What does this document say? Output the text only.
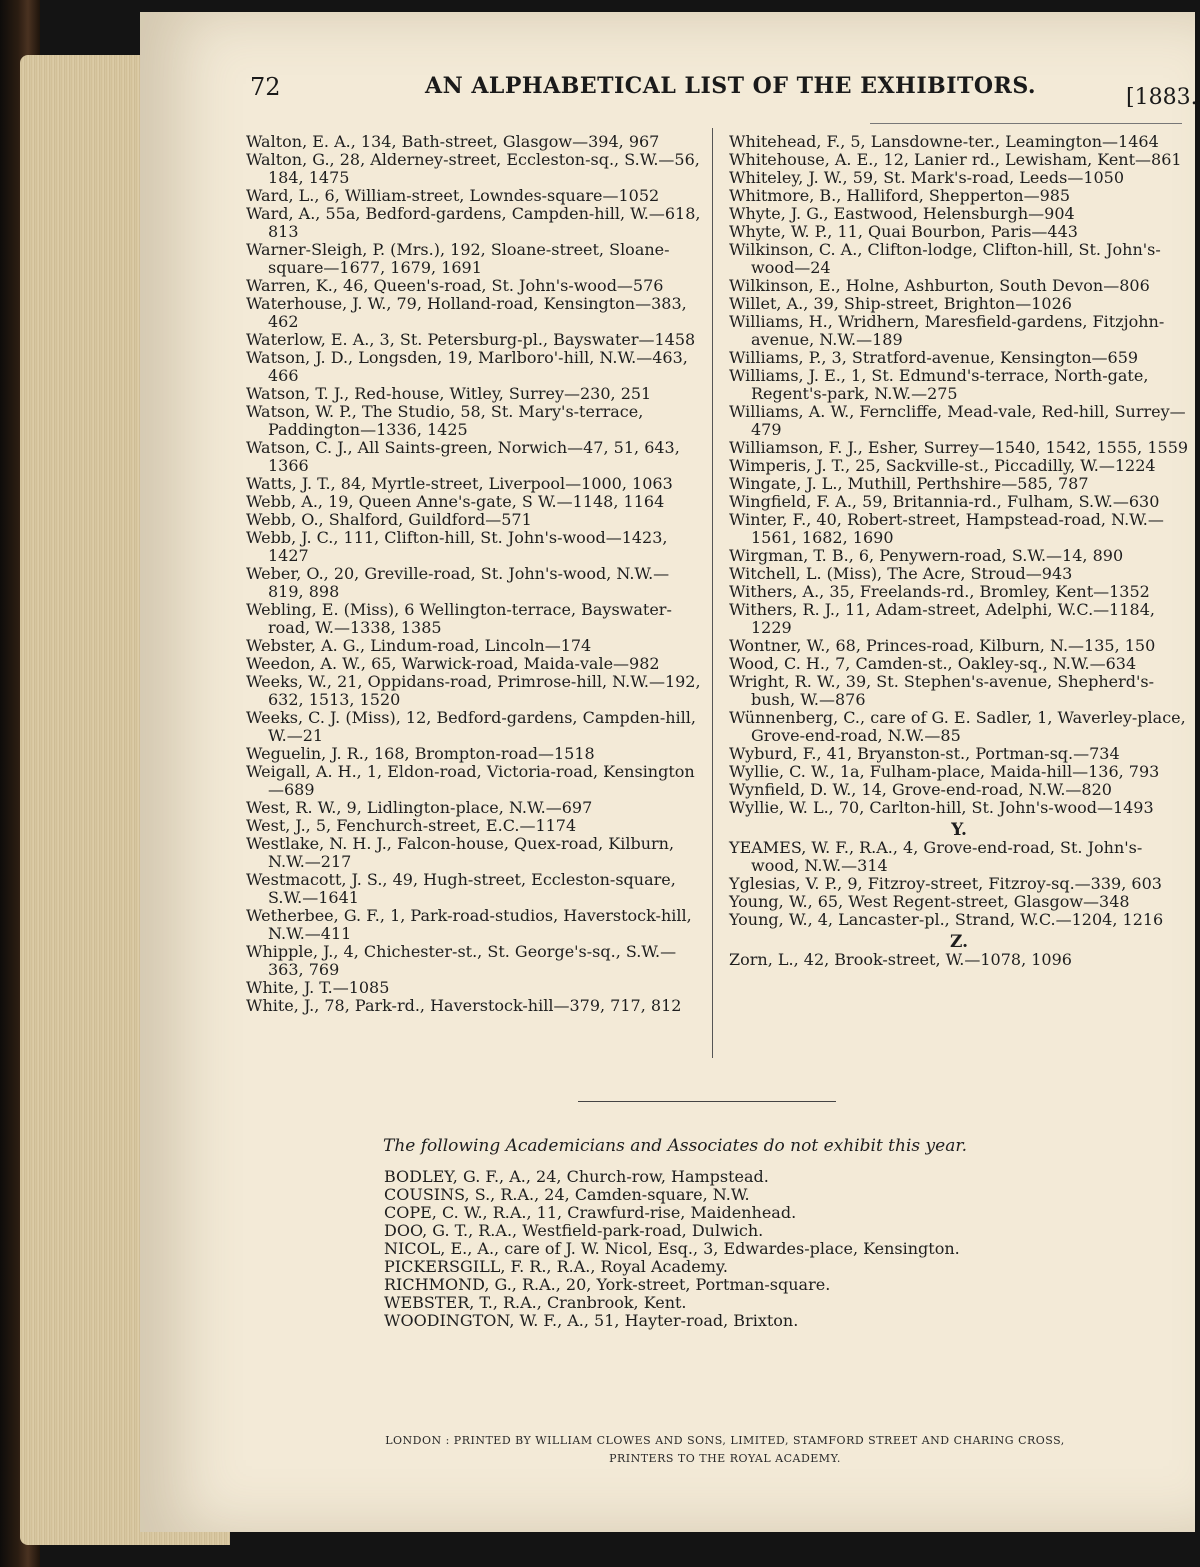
72	AN ALPHABETICAL LIST OF THE EXHIBITORS.	[1883.

Walton, E. A., 134, Bath-street, Glasgow—394, 967

Walton, G., 28, Alderney-street, Eccleston-sq., S.W.—56, 184, 1475

Ward, L., 6, William-street, Lowndes-square—1052

Ward, A., 55a, Bedford-gardens, Campden-hill, W.—618, 813

Warner-Sleigh, P. (Mrs.), 192, Sloane-street, Sloane-square—1677, 1679, 1691

Warren, K., 46, Queen's-road, St. John's-wood—576

Waterhouse, J. W., 79, Holland-road, Kensington—383, 462

Waterlow, E. A., 3, St. Petersburg-pl., Bayswater—1458

Watson, J. D., Longsden, 19, Marlboro'-hill, N.W.—463, 466

Watson, T. J., Red-house, Witley, Surrey—230, 251

Watson, W. P., The Studio, 58, St. Mary's-terrace, Paddington—1336, 1425

Watson, C. J., All Saints-green, Norwich—47, 51, 643, 1366

Watts, J. T., 84, Myrtle-street, Liverpool—1000, 1063

Webb, A., 19, Queen Anne's-gate, S W.—1148, 1164

Webb, O., Shalford, Guildford—571

Webb, J. C., 111, Clifton-hill, St. John's-wood—1423, 1427

Weber, O., 20, Greville-road, St. John's-wood, N.W.—819, 898

Webling, E. (Miss), 6 Wellington-terrace, Bayswater-road, W.—1338, 1385

Webster, A. G., Lindum-road, Lincoln—174

Weedon, A. W., 65, Warwick-road, Maida-vale—982

Weeks, W., 21, Oppidans-road, Primrose-hill, N.W.—192, 632, 1513, 1520

Weeks, C. J. (Miss), 12, Bedford-gardens, Campden-hill, W.—21

Weguelin, J. R., 168, Brompton-road—1518

Weigall, A. H., 1, Eldon-road, Victoria-road, Kensington—689

West, R. W., 9, Lidlington-place, N.W.—697

West, J., 5, Fenchurch-street, E.C.—1174

Westlake, N. H. J., Falcon-house, Quex-road, Kilburn, N.W.—217

Westmacott, J. S., 49, Hugh-street, Eccleston-square, S.W.—1641

Wetherbee, G. F., 1, Park-road-studios, Haverstock-hill, N.W.—411

Whipple, J., 4, Chichester-st., St. George's-sq., S.W.—363, 769

White, J. T.—1085

White, J., 78, Park-rd., Haverstock-hill—379, 717, 812

Whitehead, F., 5, Lansdowne-ter., Leamington—1464

Whitehouse, A. E., 12, Lanier rd., Lewisham, Kent—861

Whiteley, J. W., 59, St. Mark's-road, Leeds—1050

Whitmore, B., Halliford, Shepperton—985

Whyte, J. G., Eastwood, Helensburgh—904

Whyte, W. P., 11, Quai Bourbon, Paris—443

Wilkinson, C. A., Clifton-lodge, Clifton-hill, St. John's-wood—24

Wilkinson, E., Holne, Ashburton, South Devon—806

Willet, A., 39, Ship-street, Brighton—1026

Williams, H., Wridhern, Maresfield-gardens, Fitzjohn-avenue, N.W.—189

Williams, P., 3, Stratford-avenue, Kensington—659

Williams, J. E., 1, St. Edmund's-terrace, North-gate, Regent's-park, N.W.—275

Williams, A. W., Ferncliffe, Mead-vale, Red-hill, Surrey—479

Williamson, F. J., Esher, Surrey—1540, 1542, 1555, 1559

Wimperis, J. T., 25, Sackville-st., Piccadilly, W.—1224

Wingate, J. L., Muthill, Perthshire—585, 787

Wingfield, F. A., 59, Britannia-rd., Fulham, S.W.—630

Winter, F., 40, Robert-street, Hampstead-road, N.W.—1561, 1682, 1690

Wirgman, T. B., 6, Penywern-road, S.W.—14, 890

Witchell, L. (Miss), The Acre, Stroud—943

Withers, A., 35, Freelands-rd., Bromley, Kent—1352

Withers, R. J., 11, Adam-street, Adelphi, W.C.—1184, 1229

Wontner, W., 68, Princes-road, Kilburn, N.—135, 150

Wood, C. H., 7, Camden-st., Oakley-sq., N.W.—634

Wright, R. W., 39, St. Stephen's-avenue, Shepherd's-bush, W.—876

Wünnenberg, C., care of G. E. Sadler, 1, Waverley-place, Grove-end-road, N.W.—85

Wyburd, F., 41, Bryanston-st., Portman-sq.—734

Wyllie, C. W., 1a, Fulham-place, Maida-hill—136, 793

Wynfield, D. W., 14, Grove-end-road, N.W.—820

Wyllie, W. L., 70, Carlton-hill, St. John's-wood—1493

Y.

YEAMES, W. F., R.A., 4, Grove-end-road, St. John's-wood, N.W.—314

Yglesias, V. P., 9, Fitzroy-street, Fitzroy-sq.—339, 603

Young, W., 65, West Regent-street, Glasgow—348

Young, W., 4, Lancaster-pl., Strand, W.C.—1204, 1216

Z.

Zorn, L., 42, Brook-street, W.—1078, 1096

The following Academicians and Associates do not exhibit this year.

BODLEY, G. F., A., 24, Church-row, Hampstead.

COUSINS, S., R.A., 24, Camden-square, N.W.

COPE, C. W., R.A., 11, Crawfurd-rise, Maidenhead.

DOO, G. T., R.A., Westfield-park-road, Dulwich.

NICOL, E., A., care of J. W. Nicol, Esq., 3, Edwardes-place, Kensington.

PICKERSGILL, F. R., R.A., Royal Academy.

RICHMOND, G., R.A., 20, York-street, Portman-square.

WEBSTER, T., R.A., Cranbrook, Kent.

WOODINGTON, W. F., A., 51, Hayter-road, Brixton.

LONDON : PRINTED BY WILLIAM CLOWES AND SONS, LIMITED, STAMFORD STREET AND CHARING CROSS,
PRINTERS TO THE ROYAL ACADEMY.
